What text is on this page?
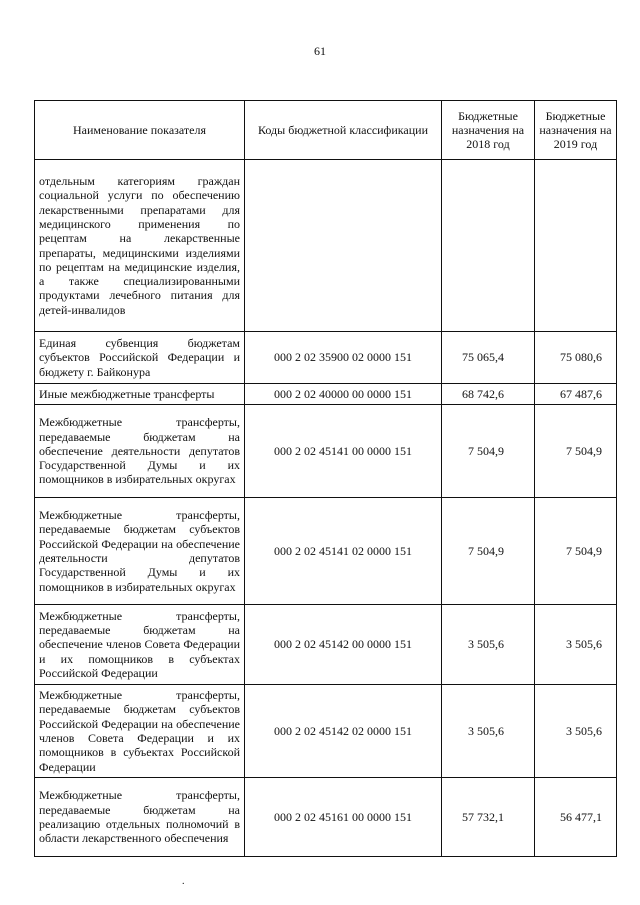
61
Наименование показателя	Коды бюджетной классификации	Бюджетные назначения на 2018 год	Бюджетные назначения на 2019 год
отдельным категориям граждан социальной услуги по обеспечению лекарственными препаратами для медицинского применения по рецептам на лекарственные препараты, медицинскими изделиями по рецептам на медицинские изделия, а также специализированными продуктами лечебного питания для детей-инвалидов			
Единая субвенция бюджетам субъектов Российской Федерации и бюджету г. Байконура	000 2 02 35900 02 0000 151	75 065,4	75 080,6
Иные межбюджетные трансферты	000 2 02 40000 00 0000 151	68 742,6	67 487,6
Межбюджетные трансферты, передаваемые бюджетам на обеспечение деятельности депутатов Государственной Думы и их помощников в избирательных округах	000 2 02 45141 00 0000 151	7 504,9	7 504,9
Межбюджетные трансферты, передаваемые бюджетам субъектов Российской Федерации на обеспечение деятельности депутатов Государственной Думы и их помощников в избирательных округах	000 2 02 45141 02 0000 151	7 504,9	7 504,9
Межбюджетные трансферты, передаваемые бюджетам на обеспечение членов Совета Федерации и их помощников в субъектах Российской Федерации	000 2 02 45142 00 0000 151	3 505,6	3 505,6
Межбюджетные трансферты, передаваемые бюджетам субъектов Российской Федерации на обеспечение членов Совета Федерации и их помощников в субъектах Российской Федерации	000 2 02 45142 02 0000 151	3 505,6	3 505,6
Межбюджетные трансферты, передаваемые бюджетам на реализацию отдельных полномочий в области лекарственного обеспечения	000 2 02 45161 00 0000 151	57 732,1	56 477,1
.
